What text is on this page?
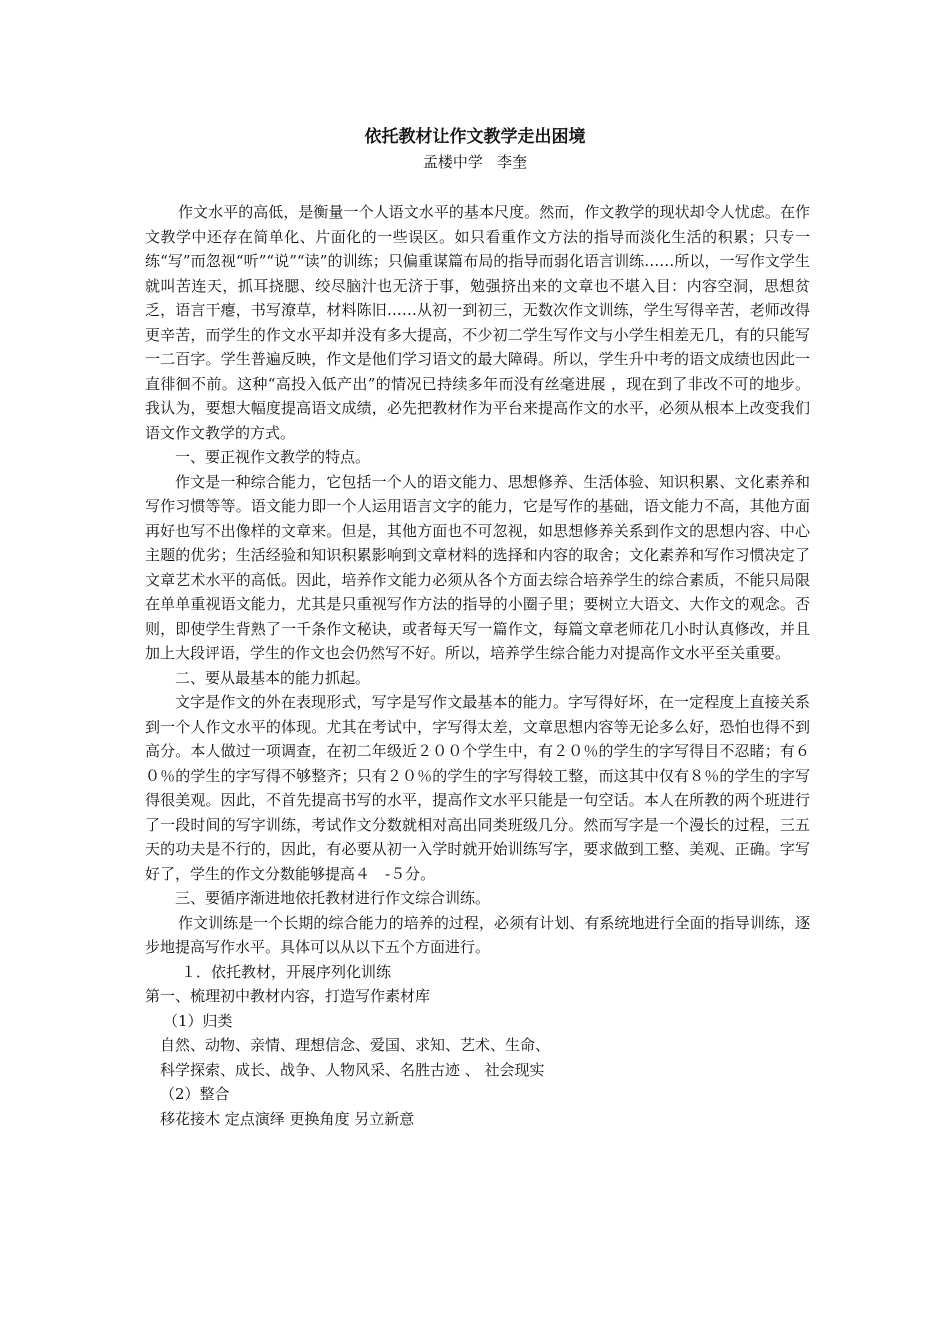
依托教材让作文教学走出困境
孟楼中学   李奎

作文水平的高低，是衡量一个人语文水平的基本尺度。然而，作文教学的现状却令人忧虑。在作文教学中还存在简单化、片面化的一些误区。如只看重作文方法的指导而淡化生活的积累；只专一练“写”而忽视“听”“说”“读”的训练；只偏重谋篇布局的指导而弱化语言训练……所以，一写作文学生就叫苦连天，抓耳挠腮、绞尽脑汁也无济于事，勉强挤出来的文章也不堪入目：内容空洞，思想贫乏，语言干瘪，书写潦草，材料陈旧……从初一到初三，无数次作文训练，学生写得辛苦，老师改得更辛苦，而学生的作文水平却并没有多大提高，不少初二学生写作文与小学生相差无几，有的只能写一二百字。学生普遍反映，作文是他们学习语文的最大障碍。所以，学生升中考的语文成绩也因此一直徘徊不前。这种“高投入低产出”的情况已持续多年而没有丝毫进展 ，现在到了非改不可的地步。我认为，要想大幅度提高语文成绩，必先把教材作为平台来提高作文的水平，必须从根本上改变我们语文作文教学的方式。

一、要正视作文教学的特点。

作文是一种综合能力，它包括一个人的语文能力、思想修养、生活体验、知识积累、文化素养和写作习惯等等。语文能力即一个人运用语言文字的能力，它是写作的基础，语文能力不高，其他方面再好也写不出像样的文章来。但是，其他方面也不可忽视，如思想修养关系到作文的思想内容、中心主题的优劣；生活经验和知识积累影响到文章材料的选择和内容的取舍；文化素养和写作习惯决定了文章艺术水平的高低。因此，培养作文能力必须从各个方面去综合培养学生的综合素质，不能只局限在单单重视语文能力，尤其是只重视写作方法的指导的小圈子里；要树立大语文、大作文的观念。否则，即使学生背熟了一千条作文秘诀，或者每天写一篇作文，每篇文章老师花几小时认真修改，并且加上大段评语，学生的作文也会仍然写不好。所以，培养学生综合能力对提高作文水平至关重要。

二、要从最基本的能力抓起。

文字是作文的外在表现形式，写字是写作文最基本的能力。字写得好坏，在一定程度上直接关系到一个人作文水平的体现。尤其在考试中，字写得太差，文章思想内容等无论多么好，恐怕也得不到高分。本人做过一项调查，在初二年级近２００个学生中，有２０％的学生的字写得目不忍睹；有６０％的学生的字写得不够整齐；只有２０％的学生的字写得较工整，而这其中仅有８％的学生的字写得很美观。因此，不首先提高书写的水平，提高作文水平只能是一句空话。本人在所教的两个班进行了一段时间的写字训练，考试作文分数就相对高出同类班级几分。然而写字是一个漫长的过程，三五天的功夫是不行的，因此，有必要从初一入学时就开始训练写字，要求做到工整、美观、正确。字写好了，学生的作文分数能够提高４　-５分。

三、要循序渐进地依托教材进行作文综合训练。

作文训练是一个长期的综合能力的培养的过程，必须有计划、有系统地进行全面的指导训练，逐步地提高写作水平。具体可以从以下五个方面进行。

１．依托教材，开展序列化训练

第一、梳理初中教材内容，打造写作素材库

（1）归类

自然、动物、亲情、理想信念、爱国、求知、艺术、生命、

科学探索、成长、战争、人物风采、名胜古迹 、 社会现实

（2）整合

移花接木 定点演绎 更换角度 另立新意
